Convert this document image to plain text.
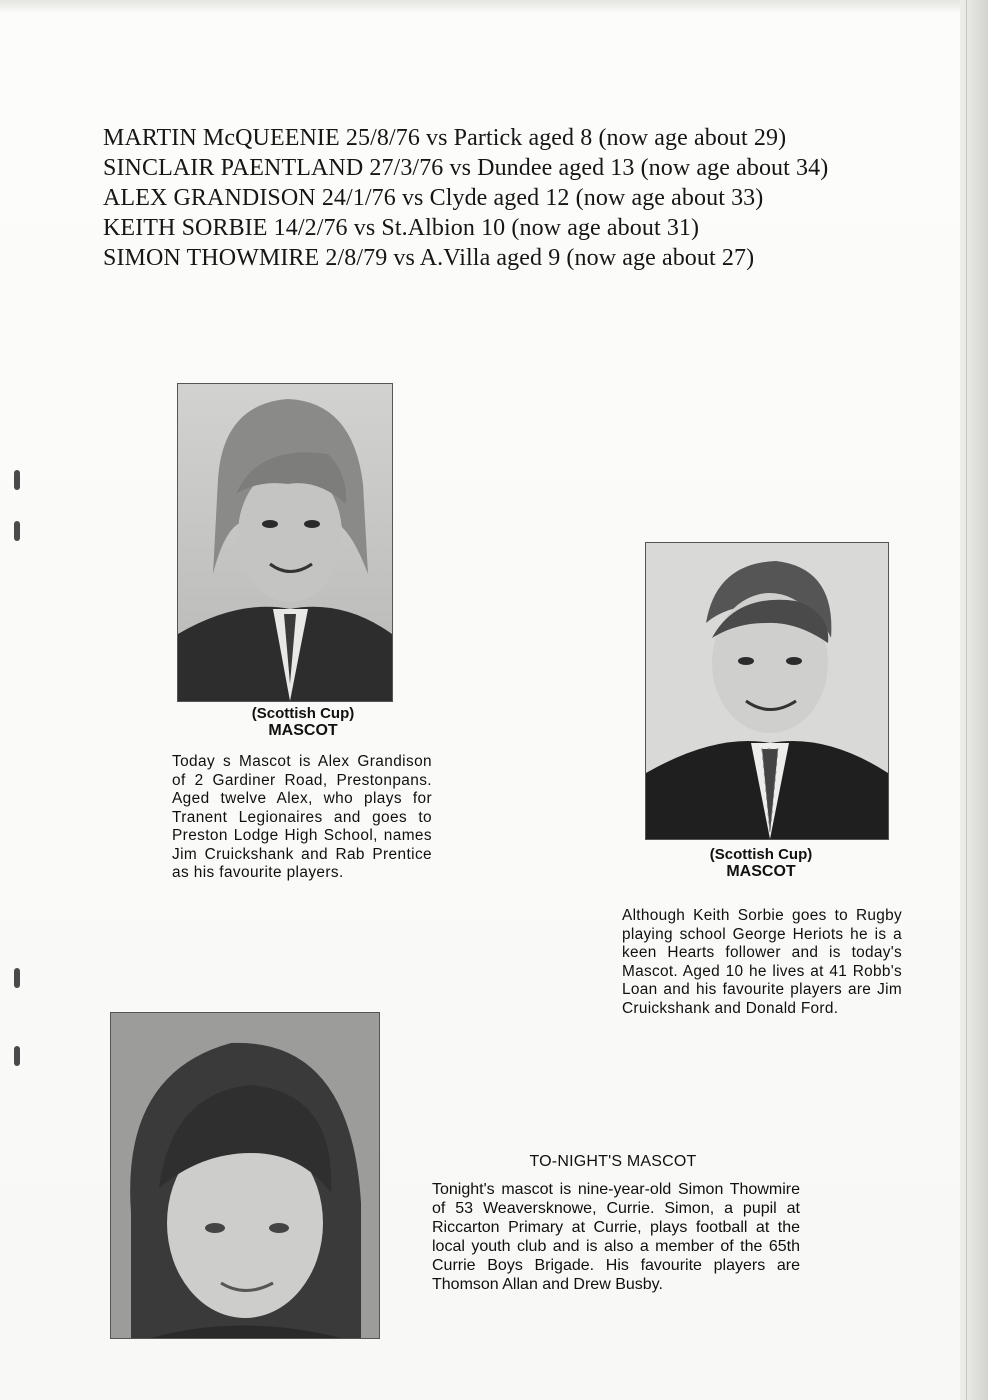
MARTIN McQUEENIE 25/8/76 vs Partick aged 8 (now age about 29)
SINCLAIR PAENTLAND 27/3/76 vs Dundee aged 13 (now age about 34)
ALEX GRANDISON 24/1/76 vs Clyde aged 12 (now age about 33)
KEITH SORBIE 14/2/76 vs St.Albion 10 (now age about 31)
SIMON THOWMIRE 2/8/79 vs A.Villa aged 9 (now age about 27)
(Scottish Cup)
MASCOT
Today s Mascot is Alex Grandison of 2 Gardiner Road, Prestonpans. Aged twelve Alex, who plays for Tranent Legionaires and goes to Preston Lodge High School, names Jim Cruickshank and Rab Prentice as his favourite players.
(Scottish Cup)
MASCOT
Although Keith Sorbie goes to Rugby playing school George Heriots he is a keen Hearts follower and is today's Mascot. Aged 10 he lives at 41 Robb's Loan and his favourite players are Jim Cruickshank and Donald Ford.
TO-NIGHT'S MASCOT
Tonight's mascot is nine-year-old Simon Thowmire of 53 Weaversknowe, Currie. Simon, a pupil at Riccarton Primary at Currie, plays football at the local youth club and is also a member of the 65th Currie Boys Brigade. His favourite players are Thomson Allan and Drew Busby.
